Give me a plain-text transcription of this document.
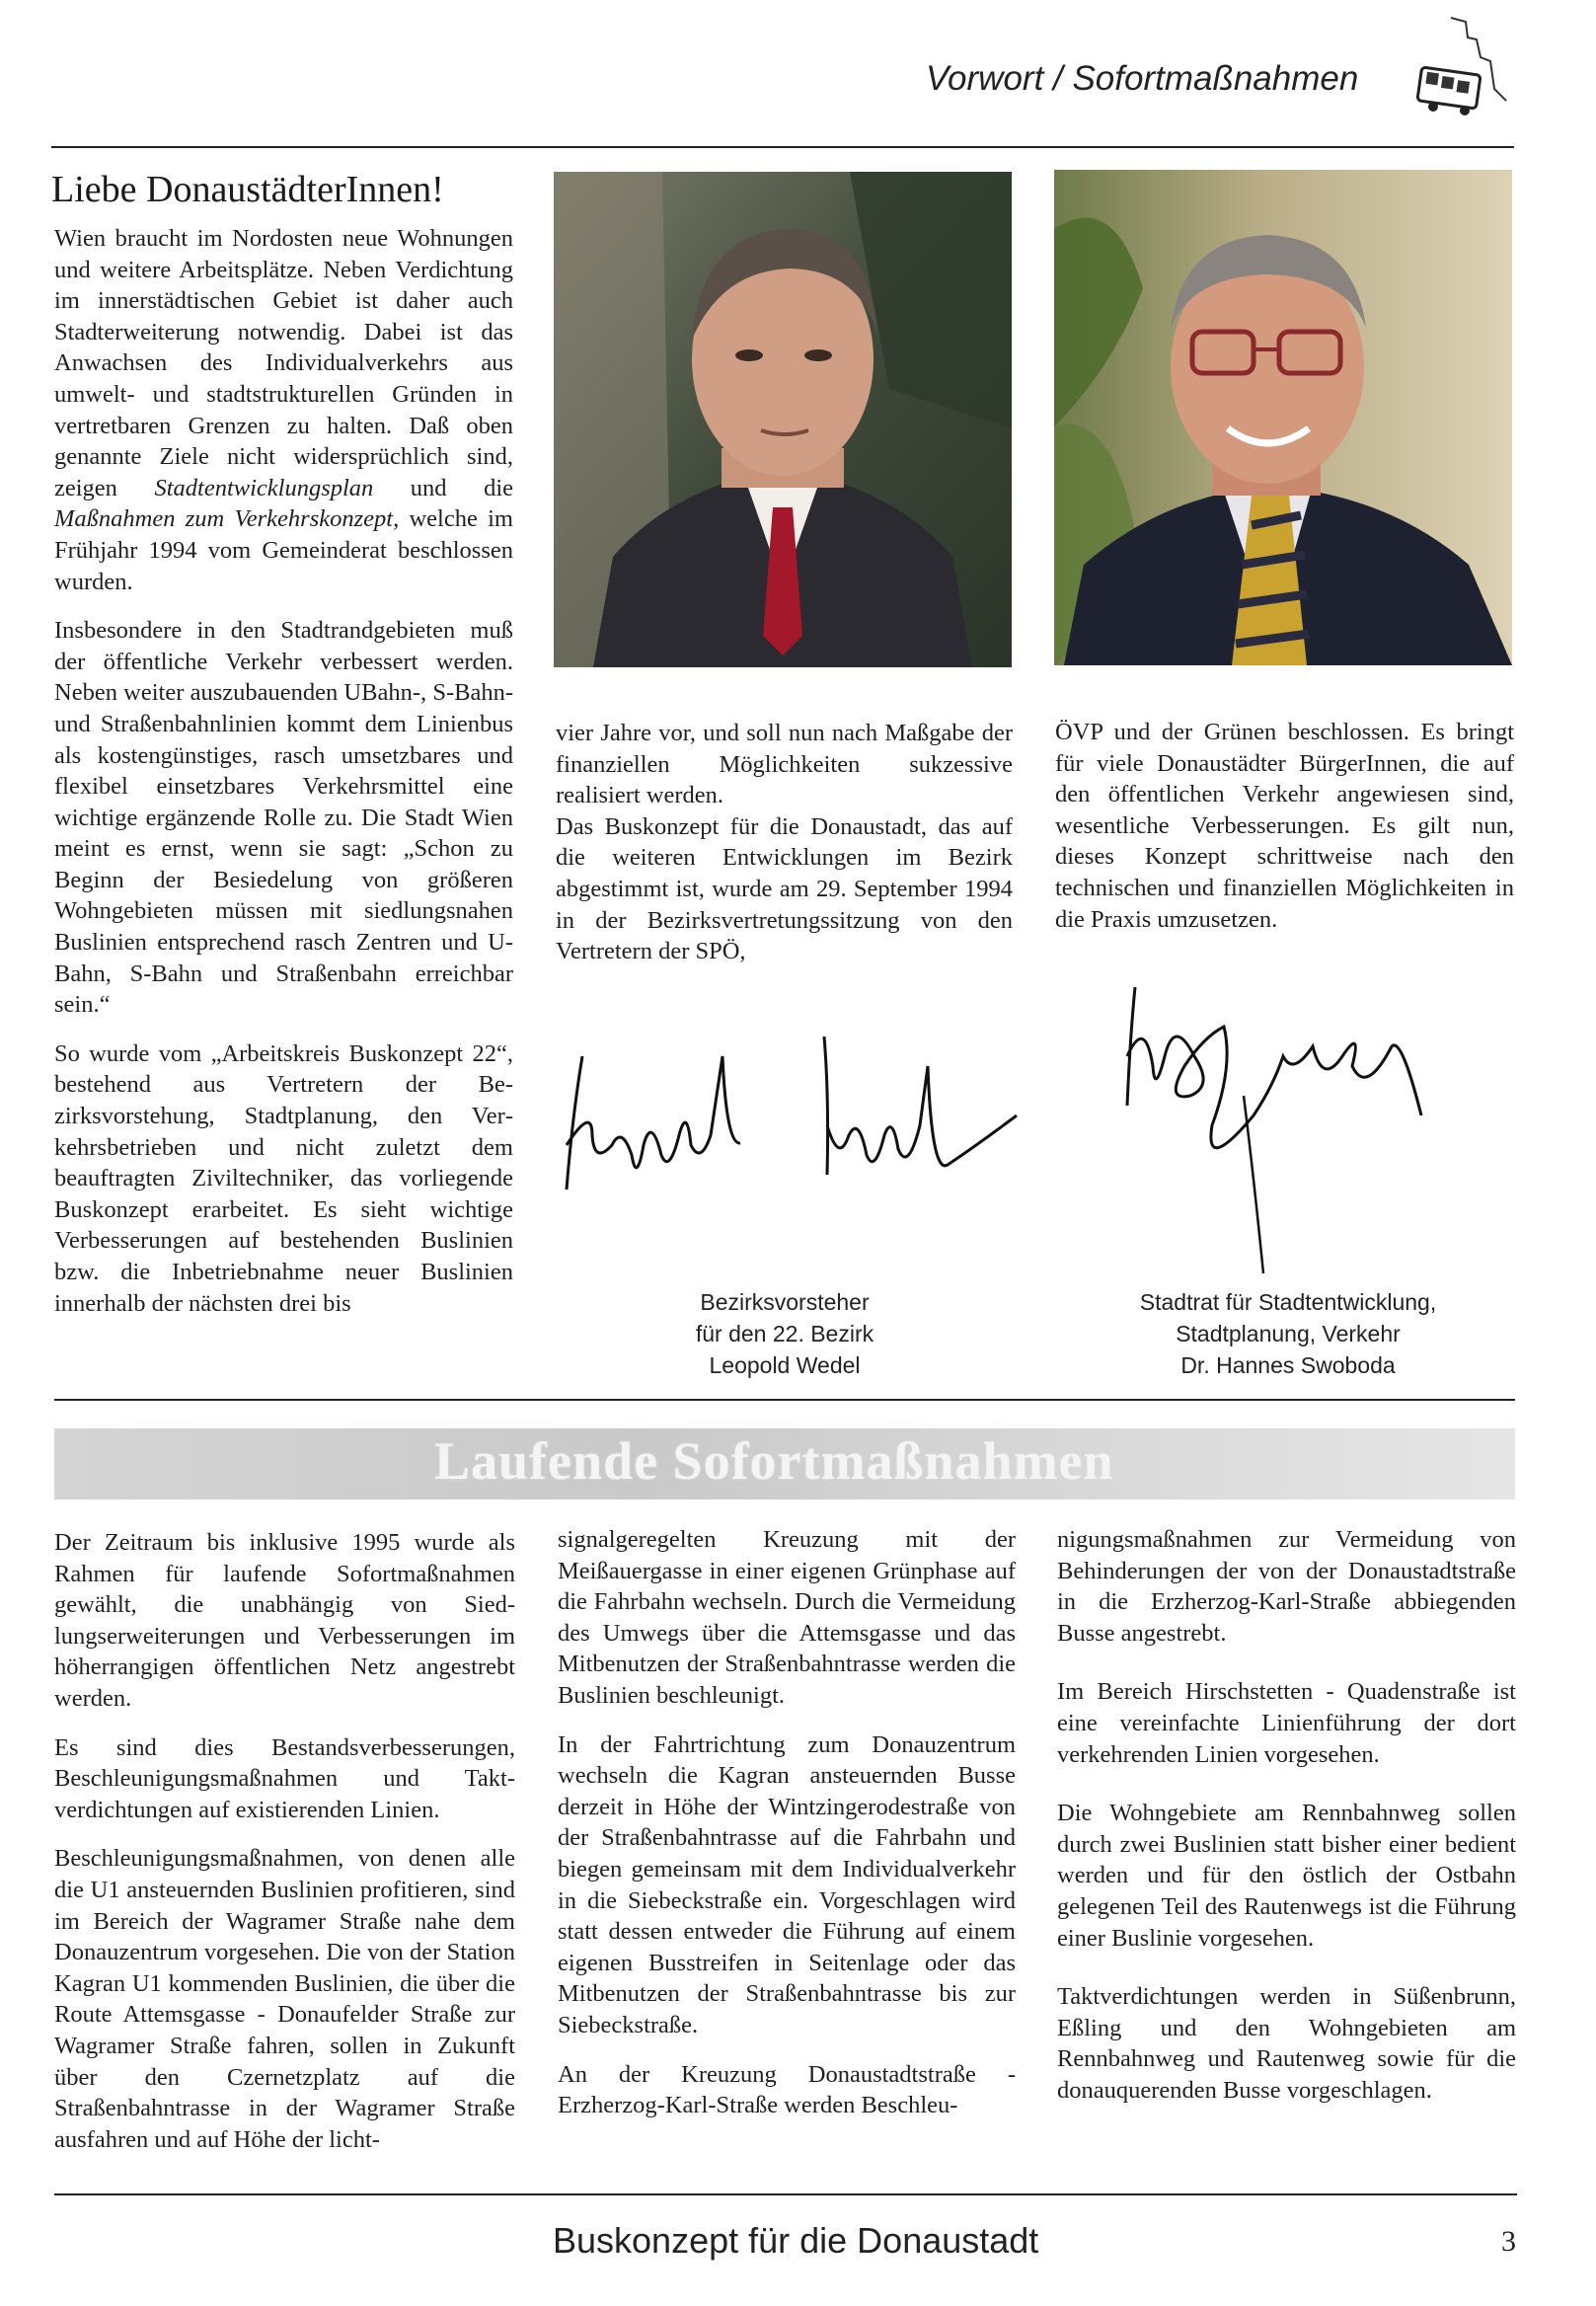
Vorwort / Sofortmaßnahmen
Liebe DonaustädterInnen!

Wien braucht im Nordosten neue Wohnungen und weitere Arbeitsplätze. Neben Verdichtung im innerstädtischen Gebiet ist daher auch Stadterweiterung notwendig. Dabei ist das Anwachsen des Individualverkehrs aus umwelt- und stadtstrukturellen Gründen in vertretbaren Grenzen zu halten. Daß oben genannte Ziele nicht widersprüchlich sind, zeigen Stadtentwicklungsplan und die Maßnahmen zum Verkehrskonzept, welche im Frühjahr 1994 vom Gemeinderat beschlossen wurden.

Insbesondere in den Stadtrandgebieten muß der öffentliche Verkehr verbessert werden. Neben weiter auszubauenden UBahn-, S-Bahn- und Straßenbahnlinien kommt dem Linienbus als kostengünstiges, rasch umsetzbares und flexibel einsetzbares Verkehrsmittel eine wichtige ergänzende Rolle zu. Die Stadt Wien meint es ernst, wenn sie sagt: „Schon zu Beginn der Besiedelung von größeren Wohngebieten müssen mit siedlungsnahen Buslinien entsprechend rasch Zentren und U-Bahn, S-Bahn und Straßenbahn erreichbar sein.“

So wurde vom „Arbeitskreis Buskonzept 22“, bestehend aus Vertretern der Bezirksvorstehung, Stadtplanung, den Verkehrsbetrieben und nicht zuletzt dem beauftragten Ziviltechniker, das vorliegende Buskonzept erarbeitet. Es sieht wichtige Verbesserungen auf bestehenden Buslinien bzw. die Inbetriebnahme neuer Buslinien innerhalb der nächsten drei bis

vier Jahre vor, und soll nun nach Maßgabe der finanziellen Möglichkeiten sukzessive realisiert werden.
Das Buskonzept für die Donaustadt, das auf die weiteren Entwicklungen im Bezirk abgestimmt ist, wurde am 29. September 1994 in der Bezirksvertretungssitzung von den Vertretern der SPÖ,

ÖVP und der Grünen beschlossen. Es bringt für viele Donaustädter BürgerInnen, die auf den öffentlichen Verkehr angewiesen sind, wesentliche Verbesserungen. Es gilt nun, dieses Konzept schrittweise nach den technischen und finanziellen Möglichkeiten in die Praxis umzusetzen.

Bezirksvorsteher
für den 22. Bezirk
Leopold Wedel
Stadtrat für Stadtentwicklung,
Stadtplanung, Verkehr
Dr. Hannes Swoboda
Laufende Sofortmaßnahmen

Der Zeitraum bis inklusive 1995 wurde als Rahmen für laufende Sofortmaßnahmen gewählt, die unabhängig von Siedlungserweiterungen und Verbesserungen im höherrangigen öffentlichen Netz angestrebt werden.

Es sind dies Bestandsverbesserungen, Beschleunigungsmaßnahmen und Taktverdichtungen auf existierenden Linien.

Beschleunigungsmaßnahmen, von denen alle die U1 ansteuernden Buslinien profitieren, sind im Bereich der Wagramer Straße nahe dem Donauzentrum vorgesehen. Die von der Station Kagran U1 kommenden Buslinien, die über die Route Attemsgasse - Donaufelder Straße zur Wagramer Straße fahren, sollen in Zukunft über den Czernetzplatz auf die Straßenbahntrasse in der Wagramer Straße ausfahren und auf Höhe der licht-

signalgeregelten Kreuzung mit der Meißauergasse in einer eigenen Grünphase auf die Fahrbahn wechseln. Durch die Vermeidung des Umwegs über die Attemsgasse und das Mitbenutzen der Straßenbahntrasse werden die Buslinien beschleunigt.

In der Fahrtrichtung zum Donauzentrum wechseln die Kagran ansteuernden Busse derzeit in Höhe der Wintzingerodestraße von der Straßenbahntrasse auf die Fahrbahn und biegen gemeinsam mit dem Individualverkehr in die Siebeckstraße ein. Vorgeschlagen wird statt dessen entweder die Führung auf einem eigenen Busstreifen in Seitenlage oder das Mitbenutzen der Straßenbahntrasse bis zur Siebeckstraße.

An der Kreuzung Donaustadtstraße - Erzherzog-Karl-Straße werden Beschleu-

nigungsmaßnahmen zur Vermeidung von Behinderungen der von der Donaustadtstraße in die Erzherzog-Karl-Straße abbiegenden Busse angestrebt.

Im Bereich Hirschstetten - Quadenstraße ist eine vereinfachte Linienführung der dort verkehrenden Linien vorgesehen.

Die Wohngebiete am Rennbahnweg sollen durch zwei Buslinien statt bisher einer bedient werden und für den östlich der Ostbahn gelegenen Teil des Rautenwegs ist die Führung einer Buslinie vorgesehen.

Taktverdichtungen werden in Süßenbrunn, Eßling und den Wohngebieten am Rennbahnweg und Rautenweg sowie für die donauquerenden Busse vorgeschlagen.

Buskonzept für die Donaustadt	3
